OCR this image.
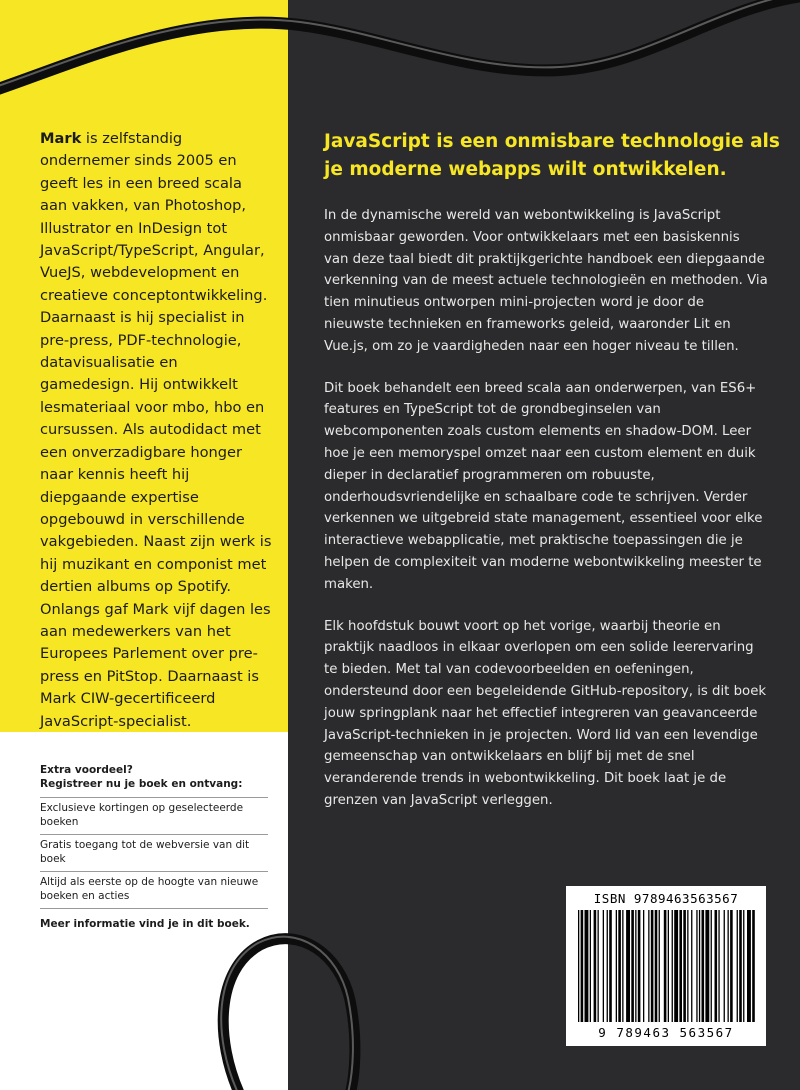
Mark is zelfstandig ondernemer sinds 2005 en geeft les in een breed scala aan vakken, van Photoshop, Illustrator en InDesign tot JavaScript/TypeScript, Angular, VueJS, webdevelopment en creatieve conceptontwikkeling. Daarnaast is hij specialist in pre-press, PDF-technologie, datavisualisatie en gamedesign. Hij ontwikkelt lesmateriaal voor mbo, hbo en cursussen. Als autodidact met een onverzadigbare honger naar kennis heeft hij diepgaande expertise opgebouwd in verschillende vakgebieden. Naast zijn werk is hij muzikant en componist met dertien albums op Spotify. Onlangs gaf Mark vijf dagen les aan medewerkers van het Europees Parlement over pre-press en PitStop. Daarnaast is Mark CIW-gecertificeerd JavaScript-specialist.

Extra voordeel?
Registreer nu je boek en ontvang:

Exclusieve kortingen op geselecteerde boeken
Gratis toegang tot de webversie van dit boek
Altijd als eerste op de hoogte van nieuwe boeken en acties

Meer informatie vind je in dit boek.

JavaScript is een onmisbare technologie als je moderne webapps wilt ontwikkelen.

In de dynamische wereld van webontwikkeling is JavaScript onmisbaar geworden. Voor ontwikkelaars met een basiskennis van deze taal biedt dit praktijkgerichte handboek een diepgaande verkenning van de meest actuele technologieën en methoden. Via tien minutieus ontworpen mini-projecten word je door de nieuwste technieken en frameworks geleid, waaronder Lit en Vue.js, om zo je vaardigheden naar een hoger niveau te tillen.

Dit boek behandelt een breed scala aan onderwerpen, van ES6+ features en TypeScript tot de grondbeginselen van webcomponenten zoals custom elements en shadow-DOM. Leer hoe je een memoryspel omzet naar een custom element en duik dieper in declaratief programmeren om robuuste, onderhoudsvriendelijke en schaalbare code te schrijven. Verder verkennen we uitgebreid state management, essentieel voor elke interactieve webapplicatie, met praktische toepassingen die je helpen de complexiteit van moderne webontwikkeling meester te maken.

Elk hoofdstuk bouwt voort op het vorige, waarbij theorie en praktijk naadloos in elkaar overlopen om een solide leerervaring te bieden. Met tal van codevoorbeelden en oefeningen, ondersteund door een begeleidende GitHub-repository, is dit boek jouw springplank naar het effectief integreren van geavanceerde JavaScript-technieken in je projecten. Word lid van een levendige gemeenschap van ontwikkelaars en blijf bij met de snel veranderende trends in webontwikkeling. Dit boek laat je de grenzen van JavaScript verleggen.

ISBN 9789463563567
9 789463 563567
